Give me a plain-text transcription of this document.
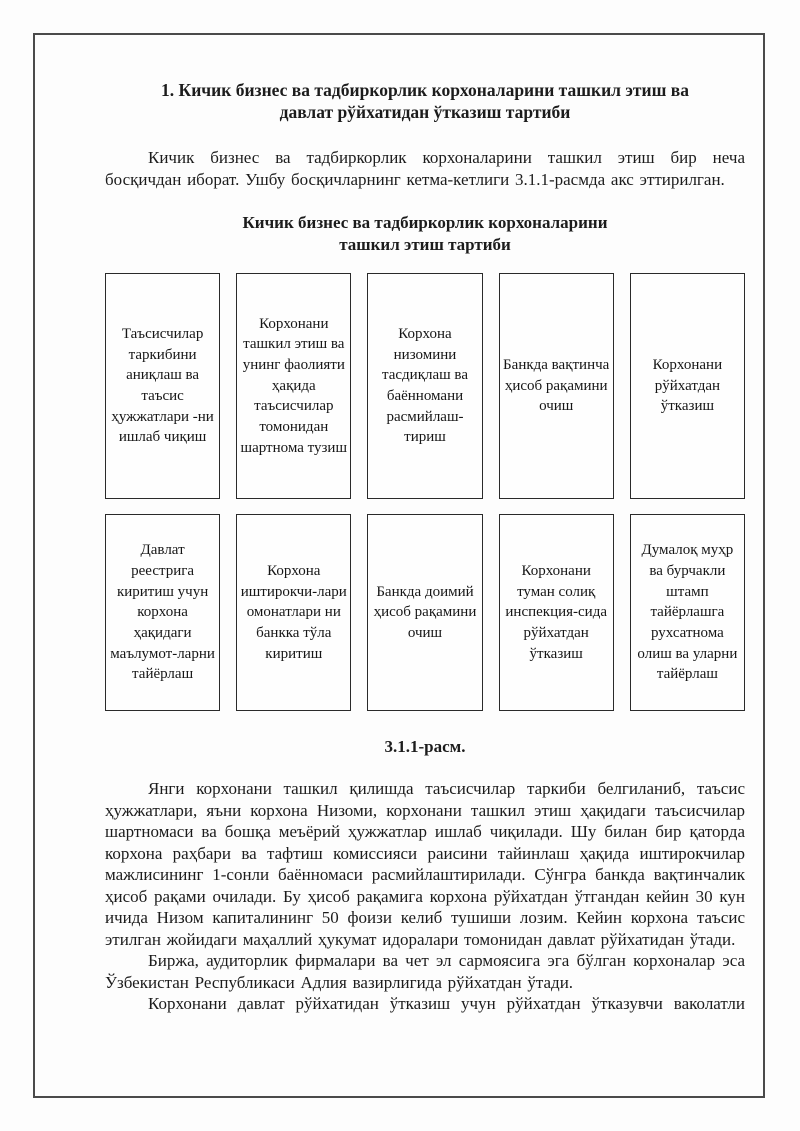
1. Кичик бизнес ва тадбиркорлик корхоналарини ташкил этиш ва
давлат рўйхатидан ўтказиш тартиби

Кичик бизнес ва тадбиркорлик корхоналарини ташкил этиш бир неча босқичдан иборат. Ушбу босқичларнинг кетма-кетлиги 3.1.1-расмда акс эттирилган.

Кичик бизнес ва тадбиркорлик корхоналарини
ташкил этиш тартиби
Таъсисчилар таркибини аниқлаш ва таъсис ҳужжатлари -ни ишлаб чиқиш
Корхонани ташкил этиш ва унинг фаолияти ҳақида таъсисчилар томонидан шартнома тузиш
Корхона низомини тасдиқлаш ва баённомани расмийлаш-тириш
Банкда вақтинча ҳисоб рақамини очиш
Корхонани рўйхатдан ўтказиш
Давлат реестрига киритиш учун корхона ҳақидаги маълумот-ларни тайёрлаш
Корхона иштирокчи-лари омонатлари ни банкка тўла киритиш
Банкда доимий ҳисоб рақамини очиш
Корхонани туман солиқ инспекция-сида рўйхатдан ўтказиш
Думалоқ муҳр ва бурчакли штамп тайёрлашга рухсатнома олиш ва уларни тайёрлаш

3.1.1-расм.

Янги корхонани ташкил қилишда таъсисчилар таркиби белгиланиб, таъсис ҳужжатлари, яъни корхона Низоми, корхонани ташкил этиш ҳақидаги таъсисчилар шартномаси ва бошқа меъёрий ҳужжатлар ишлаб чиқилади. Шу билан бир қаторда корхона раҳбари ва тафтиш комиссияси раисини тайинлаш ҳақида иштирокчилар мажлисининг 1-сонли баённомаси расмийлаштирилади. Сўнгра банкда вақтинчалик ҳисоб рақами очилади. Бу ҳисоб рақамига корхона рўйхатдан ўтгандан кейин 30 кун ичида Низом капиталининг 50 фоизи келиб тушиши лозим. Кейин корхона таъсис этилган жойидаги маҳаллий ҳукумат идоралари томонидан давлат рўйхатидан ўтади.

Биржа, аудиторлик фирмалари ва чет эл сармоясига эга бўлган корхоналар эса Ўзбекистан Республикаси Адлия вазирлигида рўйхатдан ўтади.

Корхонани давлат рўйхатидан ўтказиш учун рўйхатдан ўтказувчи ваколатли
